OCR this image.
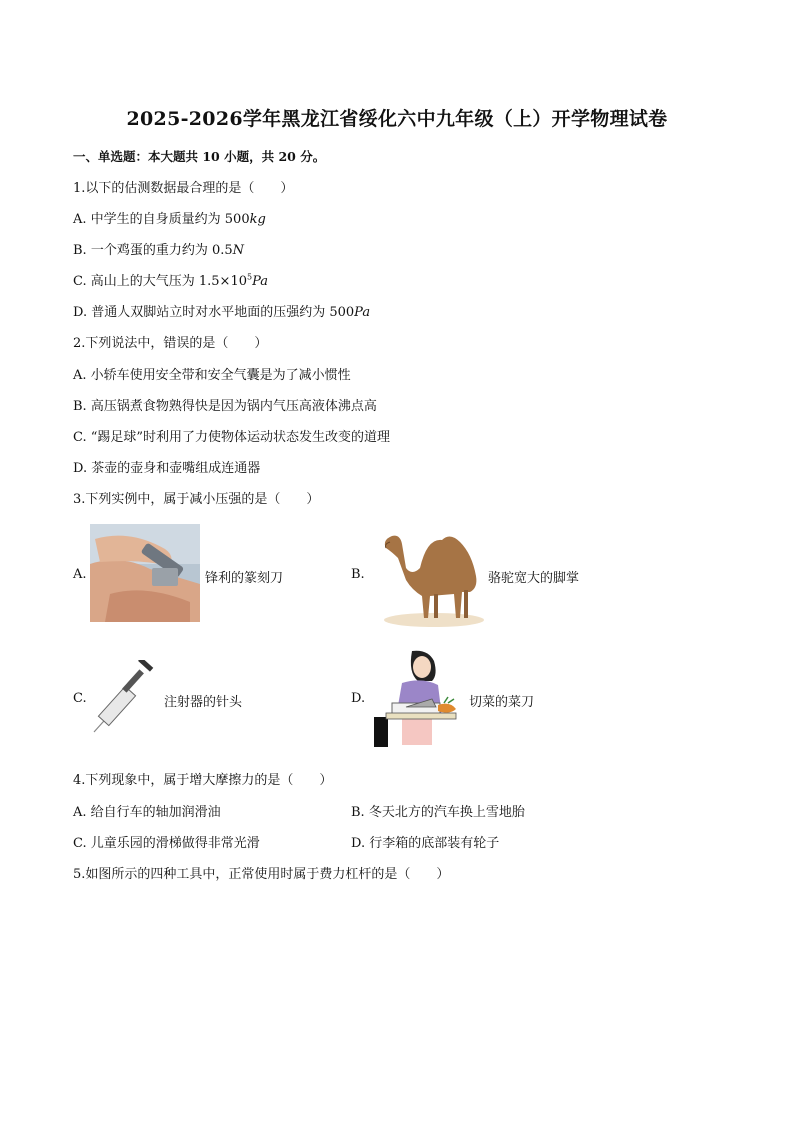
2025-2026学年黑龙江省绥化六中九年级（上）开学物理试卷
一、单选题：本大题共 10 小题，共 20 分。
1.以下的估测数据最合理的是（　　）
A. 中学生的自身质量约为 500kg
B. 一个鸡蛋的重力约为 0.5N
C. 高山上的大气压为 $1.5\times 10^5Pa$
D. 普通人双脚站立时对水平地面的压强约为 500Pa
2.下列说法中，错误的是（　　）
A. 小轿车使用安全带和安全气囊是为了减小惯性
B. 高压锅煮食物熟得快是因为锅内气压高液体沸点高
C. “踢足球”时利用了力使物体运动状态发生改变的道理
D. 茶壶的壶身和壶嘴组成连通器
3.下列实例中，属于减小压强的是（　　）
A.	锋利的篆刻刀	B.	骆驼宽大的脚掌
C.	注射器的针头	D.	切菜的菜刀
4.下列现象中，属于增大摩擦力的是（　　）
A. 给自行车的轴加润滑油	B. 冬天北方的汽车换上雪地胎
C. 儿童乐园的滑梯做得非常光滑	D. 行李箱的底部装有轮子
5.如图所示的四种工具中，正常使用时属于费力杠杆的是（　　）
